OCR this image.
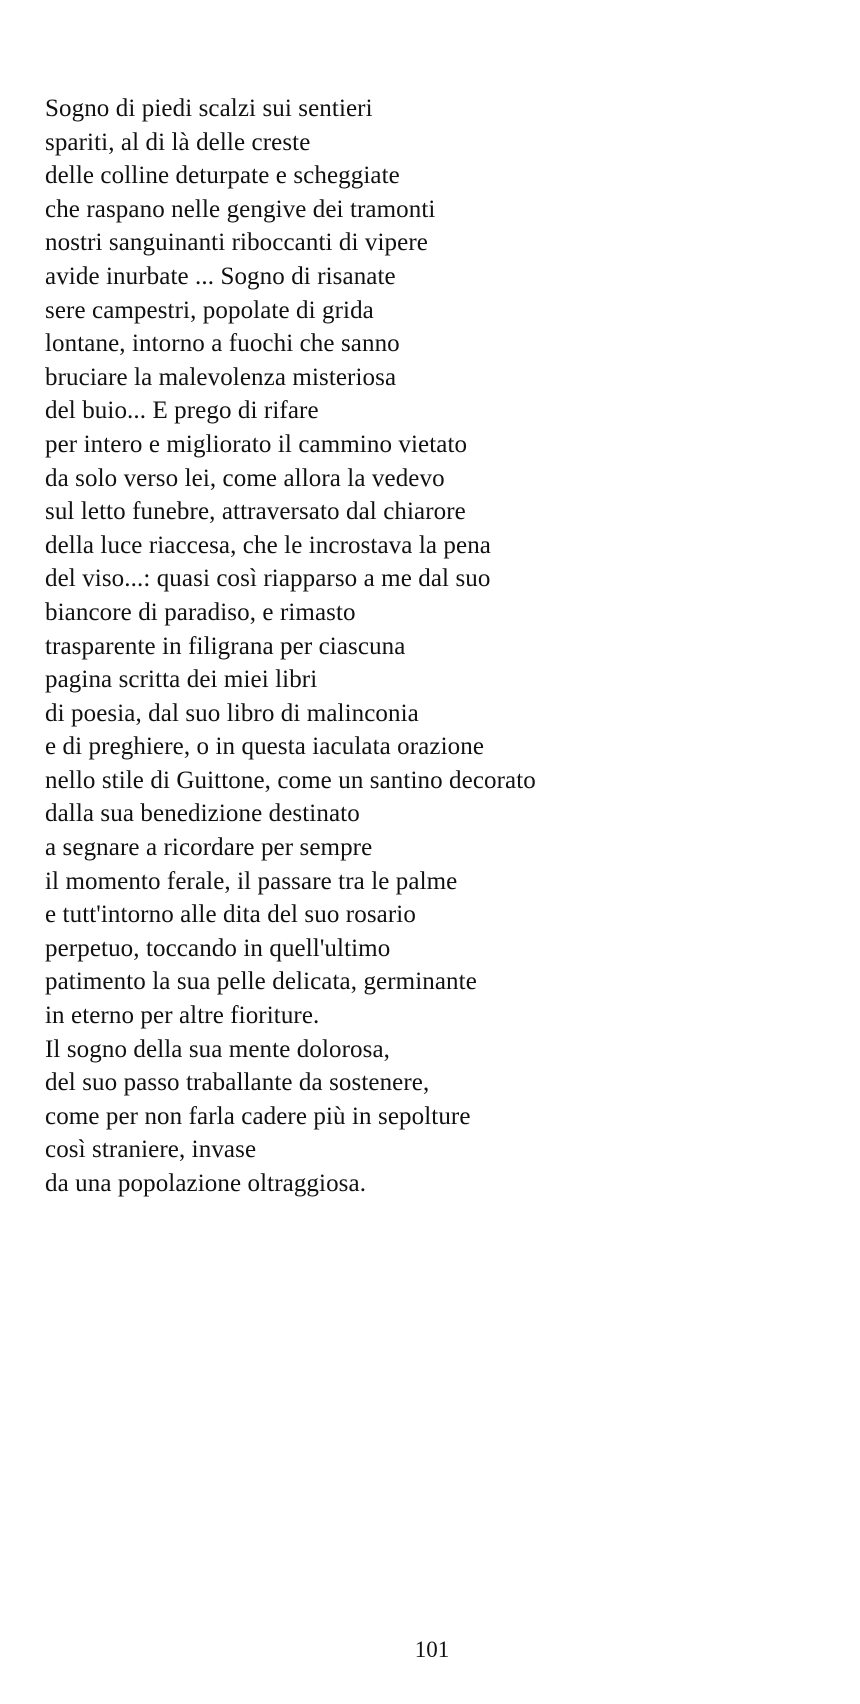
Sogno di piedi scalzi sui sentieri
spariti, al di là delle creste
delle colline deturpate e scheggiate
che raspano nelle gengive dei tramonti
nostri sanguinanti riboccanti di vipere
avide inurbate ... Sogno di risanate
sere campestri, popolate di grida
lontane, intorno a fuochi che sanno
bruciare la malevolenza misteriosa
del buio... E prego di rifare
per intero e migliorato il cammino vietato
da solo verso lei, come allora la vedevo
sul letto funebre, attraversato dal chiarore
della luce riaccesa, che le incrostava la pena
del viso...: quasi così riapparso a me dal suo
biancore di paradiso, e rimasto
trasparente in filigrana per ciascuna
pagina scritta dei miei libri
di poesia, dal suo libro di malinconia
e di preghiere, o in questa iaculata orazione
nello stile di Guittone, come un santino decorato
dalla sua benedizione destinato
a segnare a ricordare per sempre
il momento ferale, il passare tra le palme
e tutt'intorno alle dita del suo rosario
perpetuo, toccando in quell'ultimo
patimento la sua pelle delicata, germinante
in eterno per altre fioriture.
Il sogno della sua mente dolorosa,
del suo passo traballante da sostenere,
come per non farla cadere più in sepolture
così straniere, invase
da una popolazione oltraggiosa.
101
